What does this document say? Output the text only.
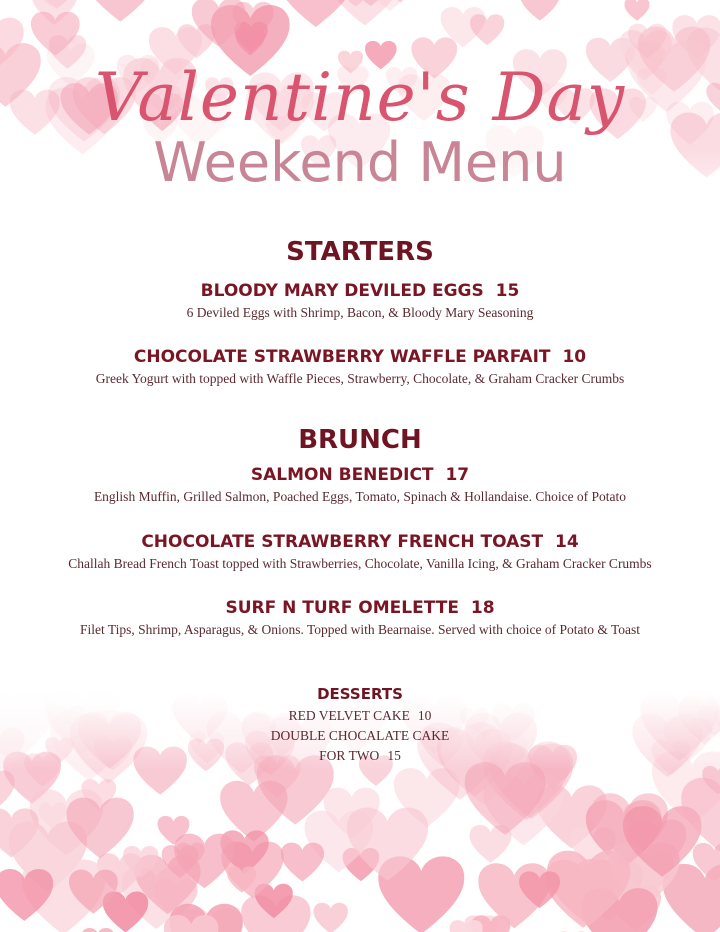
Valentine's Day
Weekend Menu
STARTERS
BLOODY MARY DEVILED EGGS 15
6 Deviled Eggs with Shrimp, Bacon, & Bloody Mary Seasoning
CHOCOLATE STRAWBERRY WAFFLE PARFAIT 10
Greek Yogurt with topped with Waffle Pieces, Strawberry, Chocolate, & Graham Cracker Crumbs
BRUNCH
SALMON BENEDICT 17
English Muffin, Grilled Salmon, Poached Eggs, Tomato, Spinach & Hollandaise. Choice of Potato
CHOCOLATE STRAWBERRY FRENCH TOAST 14
Challah Bread French Toast topped with Strawberries, Chocolate, Vanilla Icing, & Graham Cracker Crumbs
SURF N TURF OMELETTE 18
Filet Tips, Shrimp, Asparagus, & Onions. Topped with Bearnaise. Served with choice of Potato & Toast
DESSERTS
RED VELVET CAKE 10
DOUBLE CHOCALATE CAKE
FOR TWO 15
